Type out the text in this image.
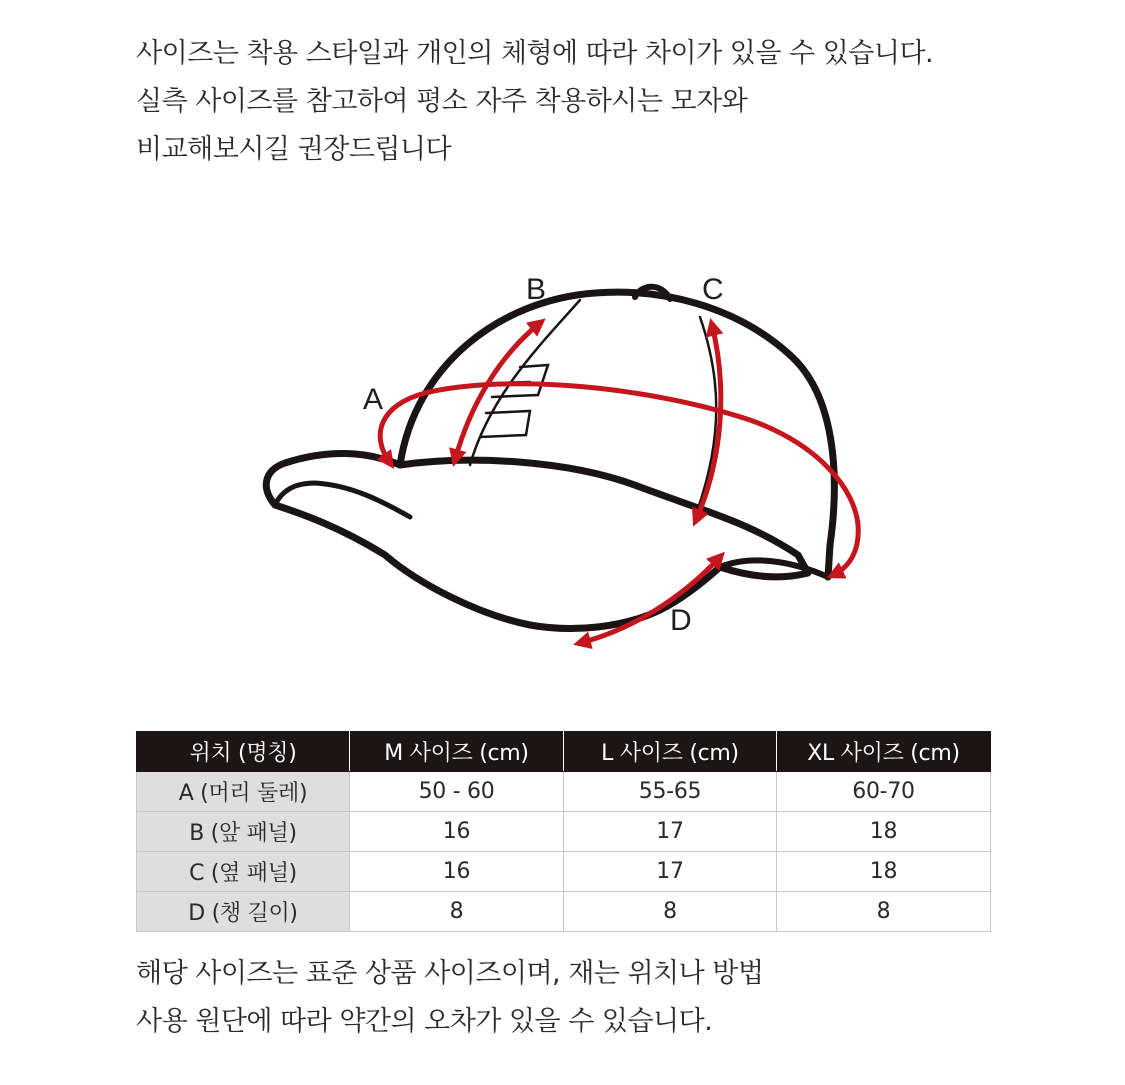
사이즈는 착용 스타일과 개인의 체형에 따라 차이가 있을 수 있습니다.

실측 사이즈를 참고하여 평소 자주 착용하시는 모자와

비교해보시길 권장드립니다

A
B	C
D
위치 (명칭)	M 사이즈 (cm)	L 사이즈 (cm)	XL 사이즈 (cm)
A (머리 둘레)	50 - 60	55-65	60-70
B (앞 패널)	16	17	18
C (옆 패널)	16	17	18
D (챙 길이)	8	8	8

해당 사이즈는 표준 상품 사이즈이며, 재는 위치나 방법

사용 원단에 따라 약간의 오차가 있을 수 있습니다.
